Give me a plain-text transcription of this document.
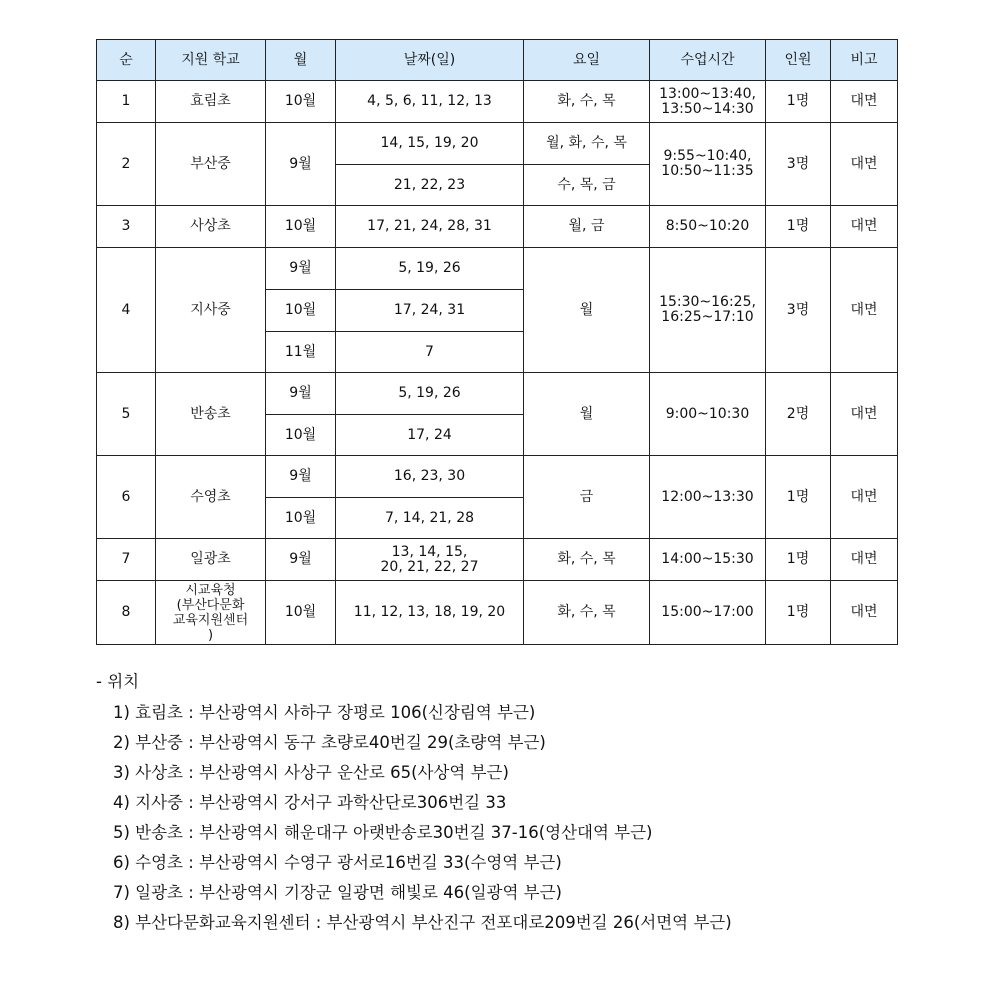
순	지원 학교	월	날짜(일)	요일	수업시간	인원	비고
1	효림초	10월	4, 5, 6, 11, 12, 13	화, 수, 목	13:00~13:40,
13:50~14:30	1명	대면
2	부산중	9월	14, 15, 19, 20	월, 화, 수, 목	9:55~10:40,
10:50~11:35	3명	대면
			21, 22, 23	수, 목, 금			
3	사상초	10월	17, 21, 24, 28, 31	월, 금	8:50~10:20	1명	대면
4	지사중	9월	5, 19, 26	월	15:30~16:25,
16:25~17:10	3명	대면
		10월	17, 24, 31				
		11월	7				
5	반송초	9월	5, 19, 26	월	9:00~10:30	2명	대면
		10월	17, 24				
6	수영초	9월	16, 23, 30	금	12:00~13:30	1명	대면
		10월	7, 14, 21, 28				
7	일광초	9월	13, 14, 15,
20, 21, 22, 27	화, 수, 목	14:00~15:30	1명	대면
8	시교육청
(부산다문화
교육지원센터
)	10월	11, 12, 13, 18, 19, 20	화, 수, 목	15:00~17:00	1명	대면
- 위치
1) 효림초 : 부산광역시 사하구 장평로 106(신장림역 부근)
2) 부산중 : 부산광역시 동구 초량로40번길 29(초량역 부근)
3) 사상초 : 부산광역시 사상구 운산로 65(사상역 부근)
4) 지사중 : 부산광역시 강서구 과학산단로306번길 33
5) 반송초 : 부산광역시 해운대구 아랫반송로30번길 37-16(영산대역 부근)
6) 수영초 : 부산광역시 수영구 광서로16번길 33(수영역 부근)
7) 일광초 : 부산광역시 기장군 일광면 해빛로 46(일광역 부근)
8) 부산다문화교육지원센터 : 부산광역시 부산진구 전포대로209번길 26(서면역 부근)
